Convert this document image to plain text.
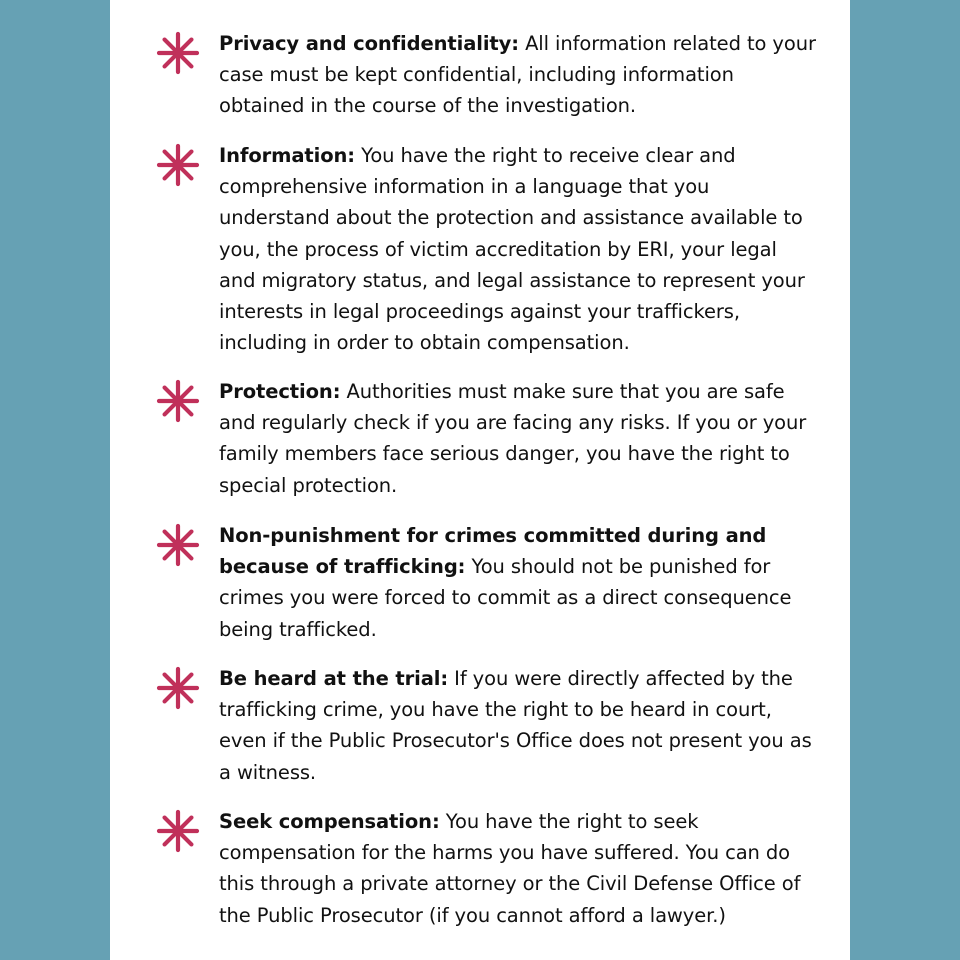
Privacy and confidentiality: All information related to your case must be kept confidential, including information obtained in the course of the investigation.

Information: You have the right to receive clear and comprehensive information in a language that you understand about the protection and assistance available to you, the process of victim accreditation by ERI, your legal and migratory status, and legal assistance to represent your interests in legal proceedings against your traffickers, including in order to obtain compensation.

Protection: Authorities must make sure that you are safe and regularly check if you are facing any risks. If you or your family members face serious danger, you have the right to special protection.

Non-punishment for crimes committed during and because of trafficking: You should not be punished for crimes you were forced to commit as a direct consequence being trafficked.

Be heard at the trial: If you were directly affected by the trafficking crime, you have the right to be heard in court, even if the Public Prosecutor's Office does not present you as a witness.

Seek compensation: You have the right to seek compensation for the harms you have suffered. You can do this through a private attorney or the Civil Defense Office of the Public Prosecutor (if you cannot afford a lawyer.)
